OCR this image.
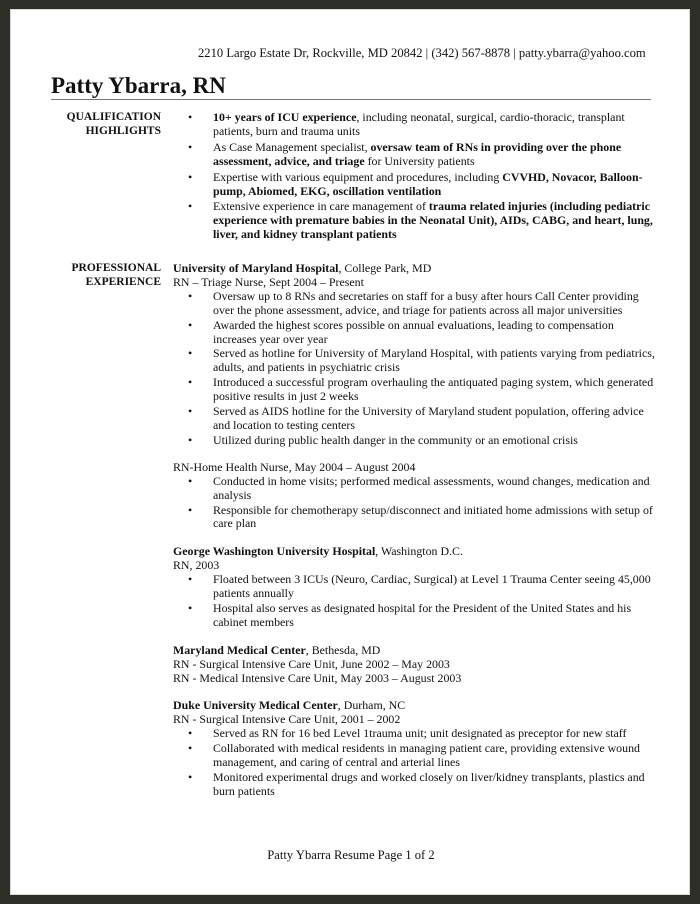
2210 Largo Estate Dr, Rockville, MD 20842 | (342) 567-8878 | patty.ybarra@yahoo.com
Patty Ybarra, RN
QUALIFICATION
HIGHLIGHTS
• 10+ years of ICU experience, including neonatal, surgical, cardio-thoracic, transplant patients, burn and trauma units
• As Case Management specialist, oversaw team of RNs in providing over the phone assessment, advice, and triage for University patients
• Expertise with various equipment and procedures, including CVVHD, Novacor, Balloon-pump, Abiomed, EKG, oscillation ventilation
• Extensive experience in care management of trauma related injuries (including pediatric experience with premature babies in the Neonatal Unit), AIDs, CABG, and heart, lung, liver, and kidney transplant patients
PROFESSIONAL
EXPERIENCE
University of Maryland Hospital, College Park, MD
RN – Triage Nurse, Sept 2004 – Present
• Oversaw up to 8 RNs and secretaries on staff for a busy after hours Call Center providing over the phone assessment, advice, and triage for patients across all major universities
• Awarded the highest scores possible on annual evaluations, leading to compensation increases year over year
• Served as hotline for University of Maryland Hospital, with patients varying from pediatrics, adults, and patients in psychiatric crisis
• Introduced a successful program overhauling the antiquated paging system, which generated positive results in just 2 weeks
• Served as AIDS hotline for the University of Maryland student population, offering advice and location to testing centers
• Utilized during public health danger in the community or an emotional crisis
RN-Home Health Nurse, May 2004 – August 2004
• Conducted in home visits; performed medical assessments, wound changes, medication and analysis
• Responsible for chemotherapy setup/disconnect and initiated home admissions with setup of care plan
George Washington University Hospital, Washington D.C.
RN, 2003
• Floated between 3 ICUs (Neuro, Cardiac, Surgical) at Level 1 Trauma Center seeing 45,000 patients annually
• Hospital also serves as designated hospital for the President of the United States and his cabinet members
Maryland Medical Center, Bethesda, MD
RN - Surgical Intensive Care Unit, June 2002 – May 2003
RN - Medical Intensive Care Unit, May 2003 – August 2003
Duke University Medical Center, Durham, NC
RN - Surgical Intensive Care Unit, 2001 – 2002
• Served as RN for 16 bed Level 1trauma unit; unit designated as preceptor for new staff
• Collaborated with medical residents in managing patient care, providing extensive wound management, and caring of central and arterial lines
• Monitored experimental drugs and worked closely on liver/kidney transplants, plastics and burn patients
Patty Ybarra Resume Page 1 of 2
